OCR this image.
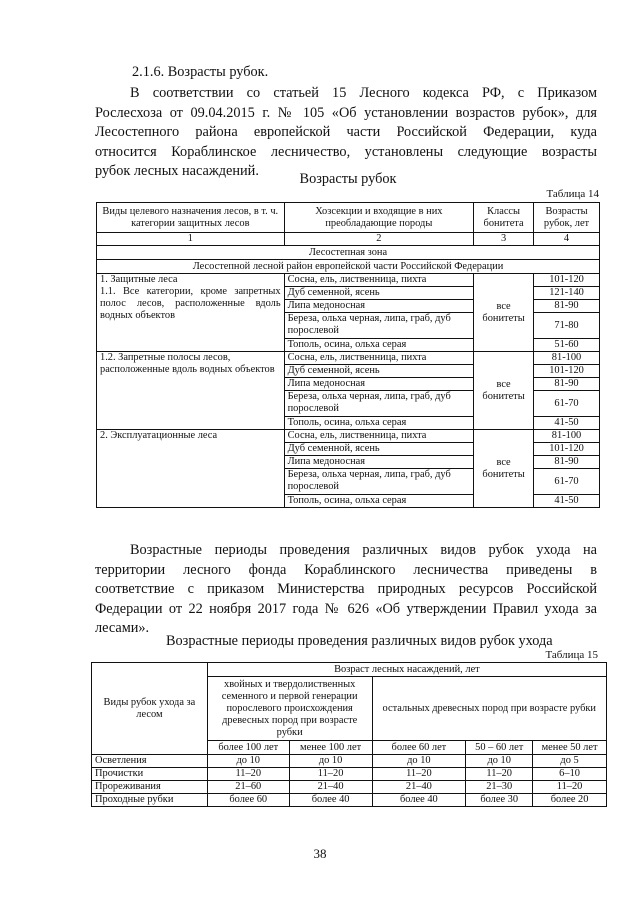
2.1.6. Возрасты рубок.
В соответствии со статьей 15 Лесного кодекса РФ, с Приказом
Рослесхоза от 09.04.2015 г. № 105 «Об установлении возрастов рубок», для
Лесостепного района европейской части Российской Федерации, куда
относится Кораблинское лесничество, установлены следующие возрасты
рубок лесных насаждений.	Возрасты рубок
Таблица 14
Виды целевого назначения лесов, в т. ч. категории защитных лесов	Хозсекции и входящие в них преобладающие породы	Классы бонитета	Возрасты рубок, лет
1	2	3	4
Лесостепная зона			
Лесостепной лесной район европейской части Российской Федерации			

1. Защитные леса
1.1. Все категории, кроме запретных полос лесов, расположенные вдоль водных объектов	Сосна, ель, лиственница, пихта	все бонитеты	101-120
	Дуб семенной, ясень		121-140
	Липа медоносная		81-90
	Береза, ольха черная, липа, граб, дуб порослевой		71-80
	Тополь, осина, ольха серая		51-60

1.2. Запретные полосы лесов, расположенные вдоль водных объектов	Сосна, ель, лиственница, пихта	все бонитеты	81-100
	Дуб семенной, ясень		101-120
	Липа медоносная		81-90
	Береза, ольха черная, липа, граб, дуб порослевой		61-70
	Тополь, осина, ольха серая		41-50

2. Эксплуатационные леса	Сосна, ель, лиственница, пихта	все бонитеты	81-100
	Дуб семенной, ясень		101-120
	Липа медоносная		81-90
	Береза, ольха черная, липа, граб, дуб порослевой		61-70
	Тополь, осина, ольха серая		41-50
Возрастные периоды проведения различных видов рубок ухода на
территории лесного фонда Кораблинского лесничества приведены в
соответствие с приказом Министерства природных ресурсов Российской
Федерации от 22 ноября 2017 года № 626 «Об утверждении Правил ухода за
лесами».
Возрастные периоды проведения различных видов рубок ухода
Таблица 15
Виды рубок ухода за лесом	Возраст лесных насаждений, лет				
	хвойных и твердолиственных семенного и первой генерации порослевого происхождения древесных пород при возрасте рубки		остальных древесных пород при возрасте рубки		
	более 100 лет	менее 100 лет	более 60 лет	50 – 60 лет	менее 50 лет
Осветления	до 10	до 10	до 10	до 10	до 5
Прочистки	11–20	11–20	11–20	11–20	6–10
Прореживания	21–60	21–40	21–40	21–30	11–20
Проходные рубки	более 60	более 40	более 40	более 30	более 20
38
